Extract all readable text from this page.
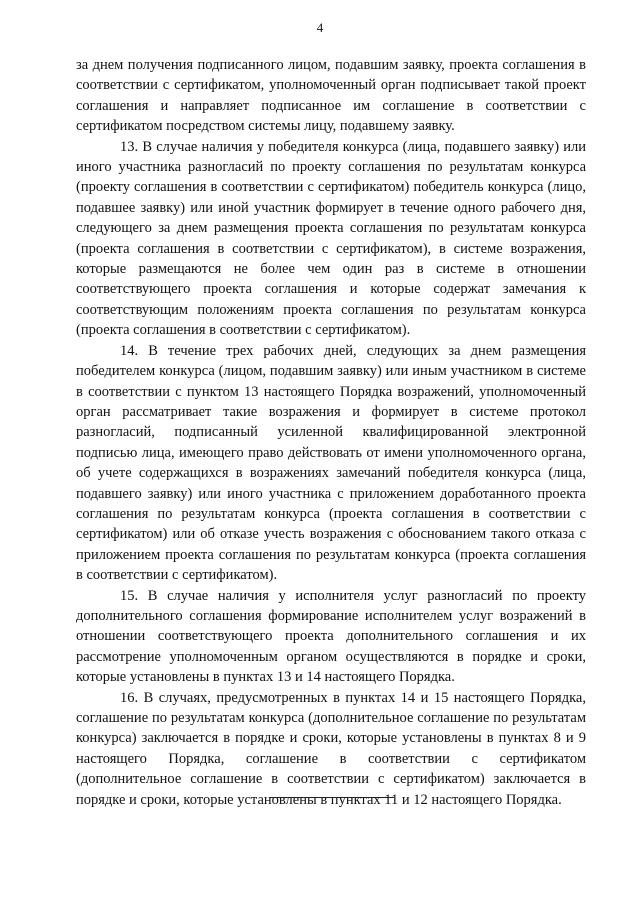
4

за днем получения подписанного лицом, подавшим заявку, проекта соглашения в соответствии с сертификатом, уполномоченный орган подписывает такой проект соглашения и направляет подписанное им соглашение в соответствии с сертификатом посредством системы лицу, подавшему заявку.

13. В случае наличия у победителя конкурса (лица, подавшего заявку) или иного участника разногласий по проекту соглашения по результатам конкурса (проекту соглашения в соответствии с сертификатом) победитель конкурса (лицо, подавшее заявку) или иной участник формирует в течение одного рабочего дня, следующего за днем размещения проекта соглашения по результатам конкурса (проекта соглашения в соответствии с сертификатом), в системе возражения, которые размещаются не более чем один раз в системе в отношении соответствующего проекта соглашения и которые содержат замечания к соответствующим положениям проекта соглашения по результатам конкурса (проекта соглашения в соответствии с сертификатом).

14. В течение трех рабочих дней, следующих за днем размещения победителем конкурса (лицом, подавшим заявку) или иным участником в системе в соответствии с пунктом 13 настоящего Порядка возражений, уполномоченный орган рассматривает такие возражения и формирует в системе протокол разногласий, подписанный усиленной квалифицированной электронной подписью лица, имеющего право действовать от имени уполномоченного органа, об учете содержащихся в возражениях замечаний победителя конкурса (лица, подавшего заявку) или иного участника с приложением доработанного проекта соглашения по результатам конкурса (проекта соглашения в соответствии с сертификатом) или об отказе учесть возражения с обоснованием такого отказа с приложением проекта соглашения по результатам конкурса (проекта соглашения в соответствии с сертификатом).

15. В случае наличия у исполнителя услуг разногласий по проекту дополнительного соглашения формирование исполнителем услуг возражений в отношении соответствующего проекта дополнительного соглашения и их рассмотрение уполномоченным органом осуществляются в порядке и сроки, которые установлены в пунктах 13 и 14 настоящего Порядка.

16. В случаях, предусмотренных в пунктах 14 и 15 настоящего Порядка, соглашение по результатам конкурса (дополнительное соглашение по результатам конкурса) заключается в порядке и сроки, которые установлены в пунктах 8 и 9 настоящего Порядка, соглашение в соответствии с сертификатом (дополнительное соглашение в соответствии с сертификатом) заключается в порядке и сроки, которые установлены в пунктах 11 и 12 настоящего Порядка.
